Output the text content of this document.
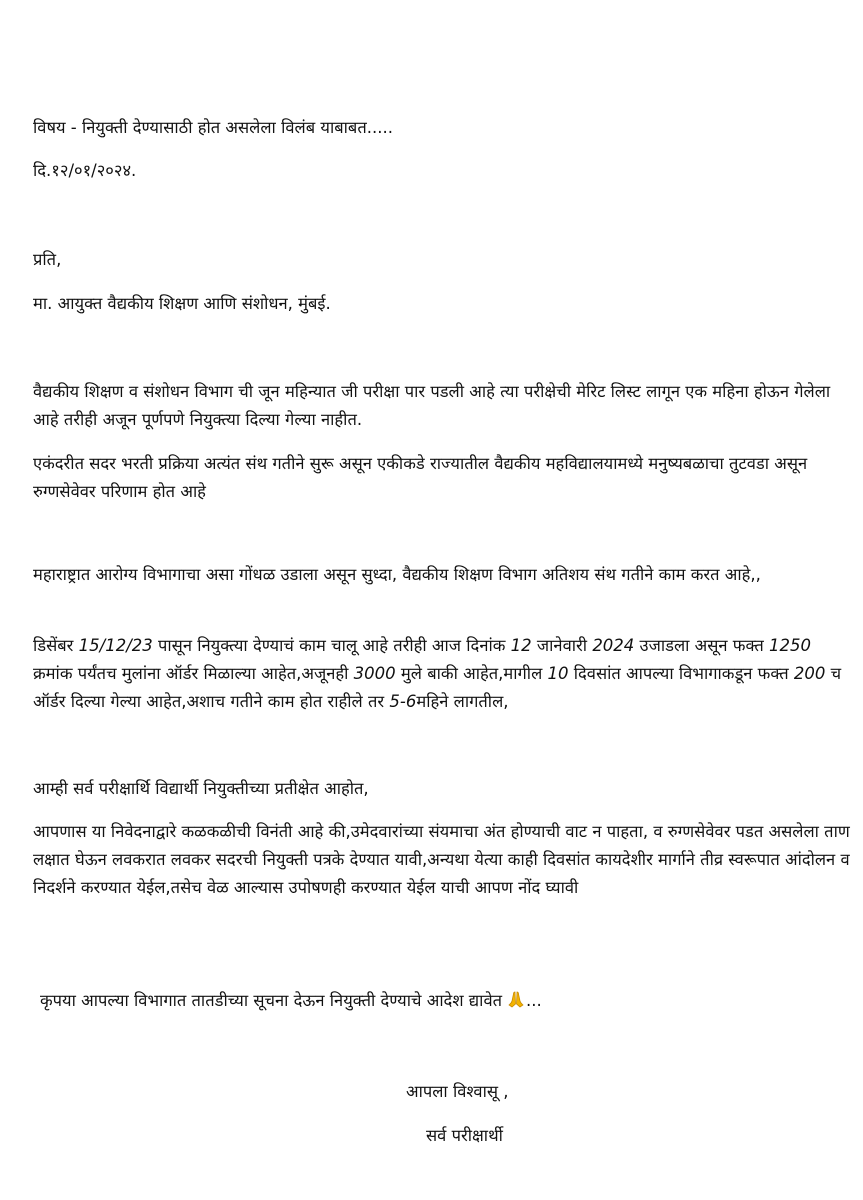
विषय - नियुक्ती देण्यासाठी होत असलेला विलंब याबाबत.....
दि.१२/०१/२०२४.
प्रति,
मा. आयुक्त वैद्यकीय शिक्षण आणि संशोधन, मुंबई.
वैद्यकीय शिक्षण व संशोधन विभाग ची जून महिन्यात जी परीक्षा पार पडली आहे त्या परीक्षेची मेरिट लिस्ट लागून एक महिना होऊन गेलेला आहे तरीही अजून पूर्णपणे नियुक्त्या दिल्या गेल्या नाहीत.
एकंदरीत सदर भरती प्रक्रिया अत्यंत संथ गतीने सुरू असून एकीकडे राज्यातील वैद्यकीय महविद्यालयामध्ये मनुष्यबळाचा तुटवडा असून रुग्णसेवेवर परिणाम होत आहे
महाराष्ट्रात आरोग्य विभागाचा असा गोंधळ उडाला असून सुध्दा, वैद्यकीय शिक्षण विभाग अतिशय संथ गतीने काम करत आहे,,
डिसेंबर 15/12/23 पासून नियुक्त्या देण्याचं काम चालू आहे तरीही आज दिनांक 12 जानेवारी 2024 उजाडला असून फक्त 1250 क्रमांक पर्यंतच मुलांना ऑर्डर मिळाल्या आहेत,अजूनही 3000 मुले बाकी आहेत,मागील 10 दिवसांत आपल्या विभागाकडून फक्त 200 च ऑर्डर दिल्या गेल्या आहेत,अशाच गतीने काम होत राहीले तर 5-6महिने लागतील,
आम्ही सर्व परीक्षार्थि विद्यार्थी नियुक्तीच्या प्रतीक्षेत आहोत,
आपणास या निवेदनाद्वारे कळकळीची विनंती आहे की,उमेदवारांच्या संयमाचा अंत होण्याची वाट न पाहता, व रुग्णसेवेवर पडत असलेला ताण लक्षात घेऊन लवकरात लवकर सदरची नियुक्ती पत्रके देण्यात यावी,अन्यथा येत्या काही दिवसांत कायदेशीर मार्गाने तीव्र स्वरूपात आंदोलन व निदर्शने करण्यात येईल,तसेच वेळ आल्यास उपोषणही करण्यात येईल याची आपण नोंद घ्यावी
कृपया आपल्या विभागात तातडीच्या सूचना देऊन नियुक्ती देण्याचे आदेश द्यावेत ...
आपला विश्वासू ,
सर्व परीक्षार्थी
